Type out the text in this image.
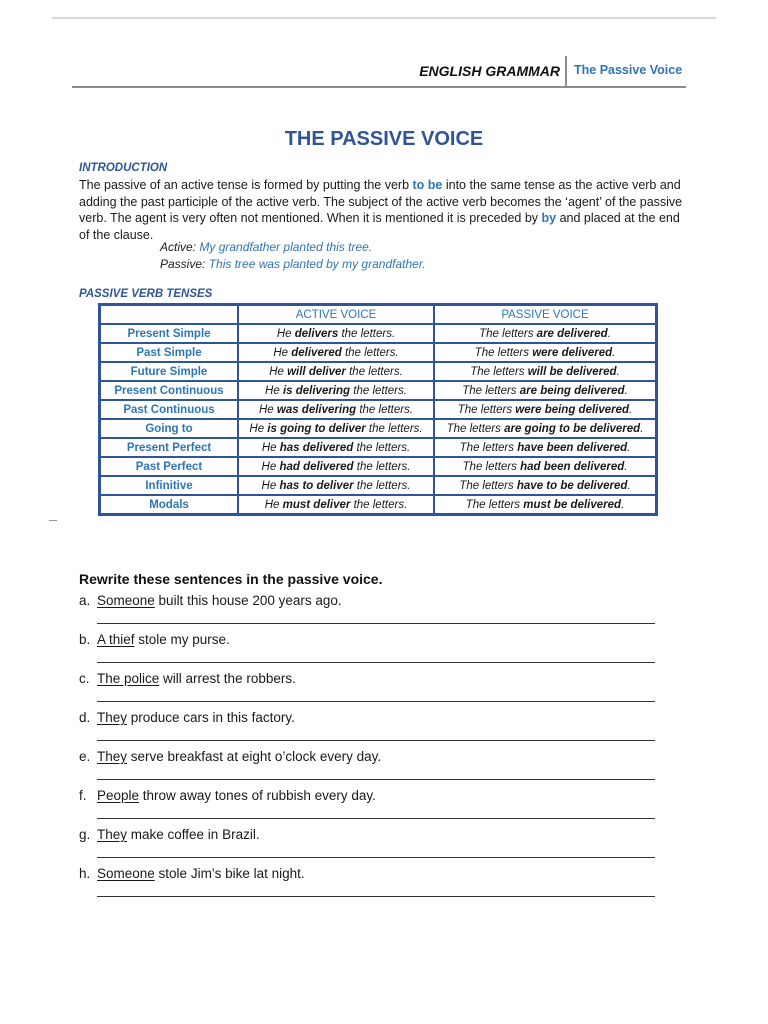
ENGLISH GRAMMAR The Passive Voice
THE PASSIVE VOICE
INTRODUCTION
The passive of an active tense is formed by putting the verb to be into the same tense as the active verb and adding the past participle of the active verb. The subject of the active verb becomes the ‘agent’ of the passive verb. The agent is very often not mentioned. When it is mentioned it is preceded by by and placed at the end of the clause.
Active: My grandfather planted this tree.
Passive: This tree was planted by my grandfather.
PASSIVE VERB TENSES
	ACTIVE VOICE	PASSIVE VOICE
Present Simple	He delivers the letters.	The letters are delivered.
Past Simple	He delivered the letters.	The letters were delivered.
Future Simple	He will deliver the letters.	The letters will be delivered.
Present Continuous	He is delivering the letters.	The letters are being delivered.
Past Continuous	He was delivering the letters.	The letters were being delivered.
Going to	He is going to deliver the letters.	The letters are going to be delivered.
Present Perfect	He has delivered the letters.	The letters have been delivered.
Past Perfect	He had delivered the letters.	The letters had been delivered.
Infinitive	He has to deliver the letters.	The letters have to be delivered.
Modals	He must deliver the letters.	The letters must be delivered.
Rewrite these sentences in the passive voice.
a. Someone built this house 200 years ago.
b. A thief stole my purse.
c. The police will arrest the robbers.
d. They produce cars in this factory.
e. They serve breakfast at eight o’clock every day.
f. People throw away tones of rubbish every day.
g. They make coffee in Brazil.
h. Someone stole Jim’s bike lat night.
